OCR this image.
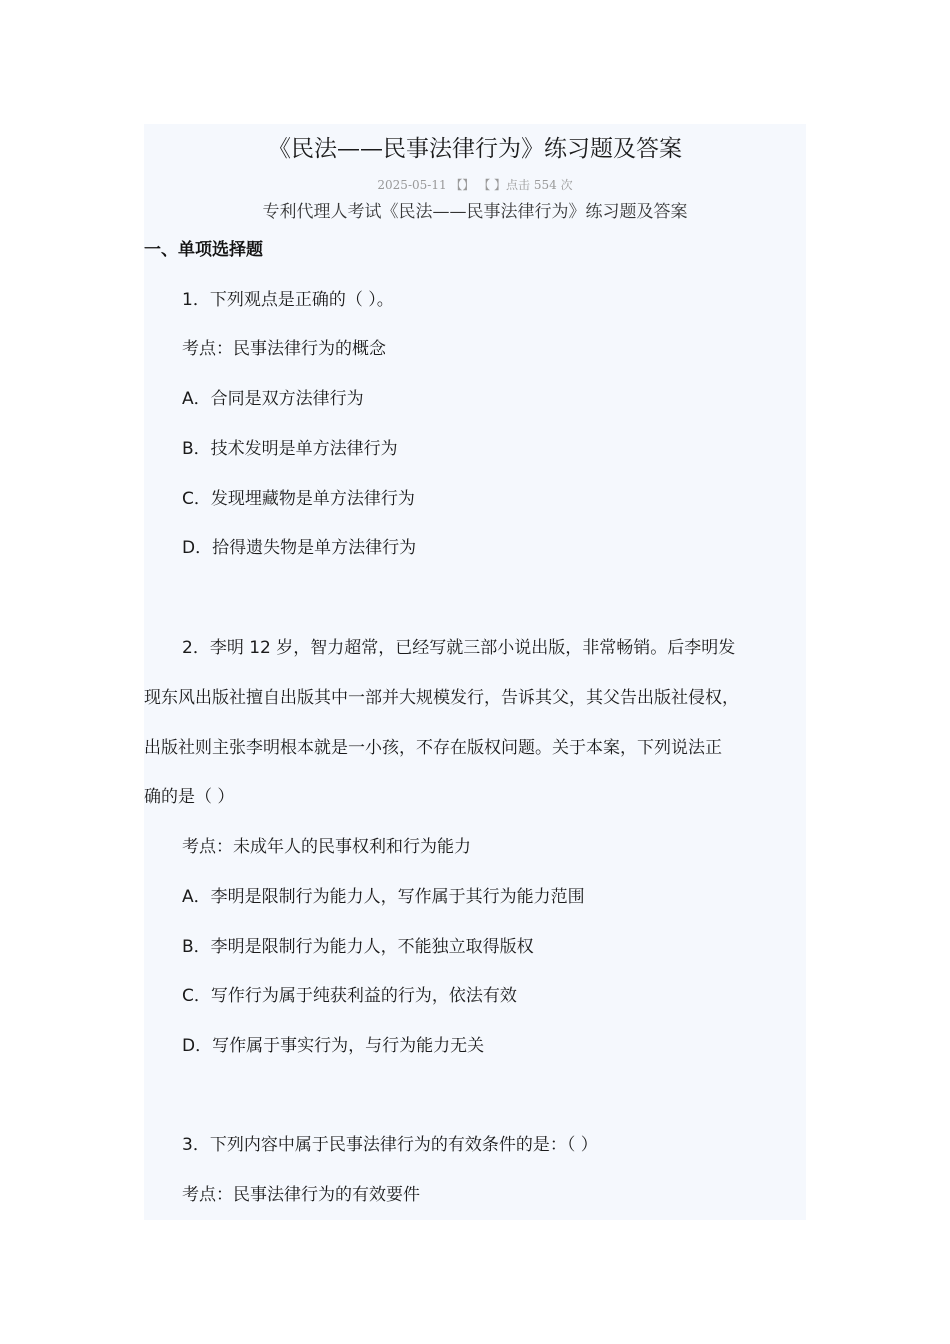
《民法——民事法律行为》练习题及答案
2025-05-11 【】 【 】点击 554 次
专利代理人考试《民法——民事法律行为》练习题及答案
一、单项选择题
1．下列观点是正确的（ ）。
考点：民事法律行为的概念
A．合同是双方法律行为
B．技术发明是单方法律行为
C．发现埋藏物是单方法律行为
D．拾得遗失物是单方法律行为
2．李明 12 岁，智力超常，已经写就三部小说出版，非常畅销。后李明发
现东风出版社擅自出版其中一部并大规模发行，告诉其父，其父告出版社侵权，
出版社则主张李明根本就是一小孩，不存在版权问题。关于本案，下列说法正
确的是（ ）
考点：未成年人的民事权利和行为能力
A．李明是限制行为能力人，写作属于其行为能力范围
B．李明是限制行为能力人，不能独立取得版权
C．写作行为属于纯获利益的行为，依法有效
D．写作属于事实行为，与行为能力无关
3．下列内容中属于民事法律行为的有效条件的是：（ ）
考点：民事法律行为的有效要件
